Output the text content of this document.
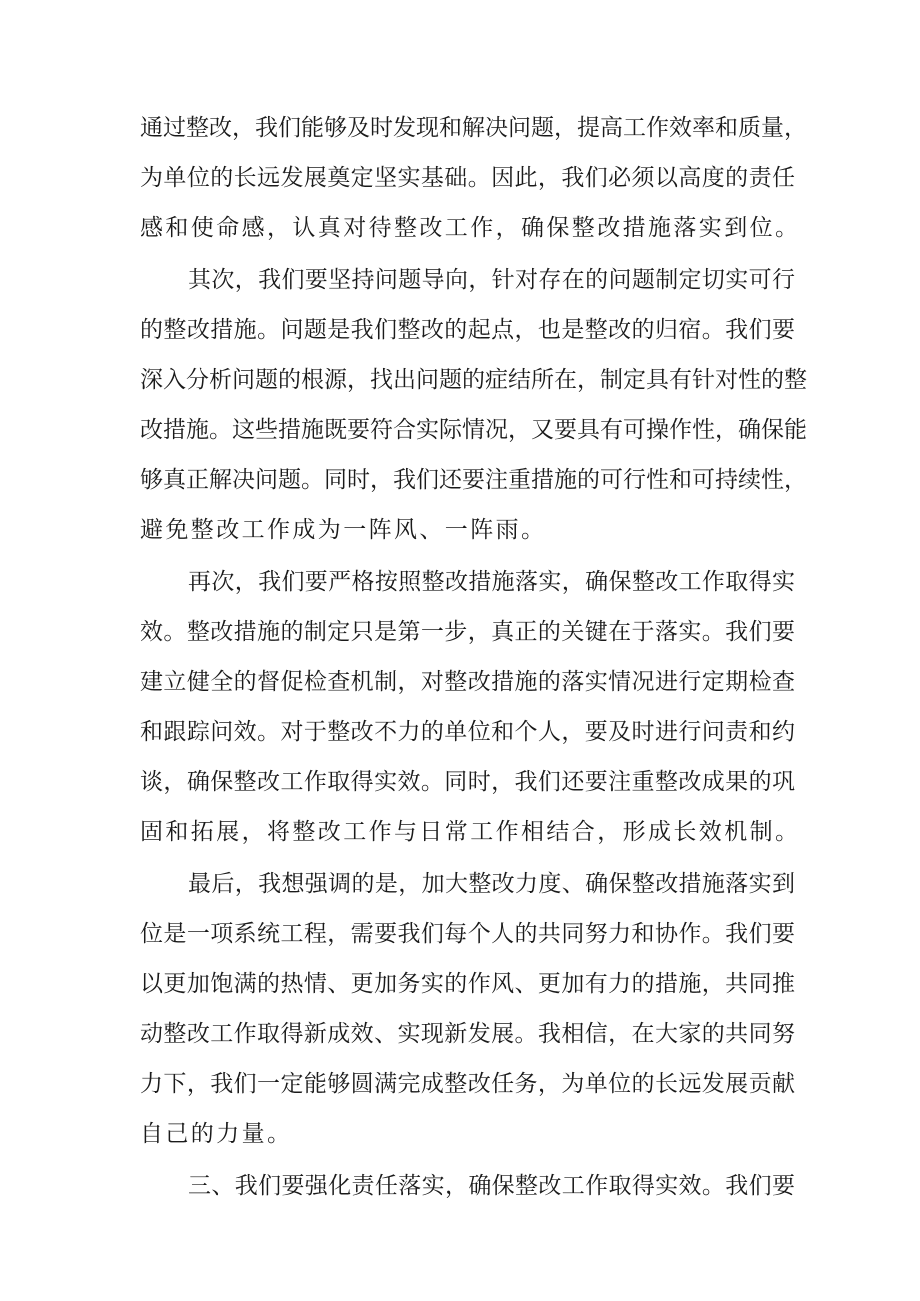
通 过 整 改 ， 我 们 能 够 及 时 发 现 和 解 决 问 题 ， 提 高 工 作 效 率 和 质 量 ，
为 单 位 的 长 远 发 展 奠 定 坚 实 基 础 。 因 此 ， 我 们 必 须 以 高 度 的 责 任
感和使命感，认真对待整改工作，确保整改措施落实到位。
其 次 ， 我 们 要 坚 持 问 题 导 向 ， 针 对 存 在 的 问 题 制 定 切 实 可 行
的 整 改 措 施 。 问 题 是 我 们 整 改 的 起 点 ， 也 是 整 改 的 归 宿 。 我 们 要
深 入 分 析 问 题 的 根 源 ， 找 出 问 题 的 症 结 所 在 ， 制 定 具 有 针 对 性 的 整
改 措 施 。 这 些 措 施 既 要 符 合 实 际 情 况 ， 又 要 具 有 可 操 作 性 ， 确 保 能
够 真 正 解 决 问 题 。 同 时 ， 我 们 还 要 注 重 措 施 的 可 行 性 和 可 持 续 性 ，
避免整改工作成为一阵风、一阵雨。
再 次 ， 我 们 要 严 格 按 照 整 改 措 施 落 实 ， 确 保 整 改 工 作 取 得 实
效 。 整 改 措 施 的 制 定 只 是 第 一 步 ， 真 正 的 关 键 在 于 落 实 。 我 们 要
建 立 健 全 的 督 促 检 查 机 制 ， 对 整 改 措 施 的 落 实 情 况 进 行 定 期 检 查
和 跟 踪 问 效 。 对 于 整 改 不 力 的 单 位 和 个 人 ， 要 及 时 进 行 问 责 和 约
谈 ， 确 保 整 改 工 作 取 得 实 效 。 同 时 ， 我 们 还 要 注 重 整 改 成 果 的 巩
固和拓展，将整改工作与日常工作相结合，形成长效机制。
最 后 ， 我 想 强 调 的 是 ， 加 大 整 改 力 度 、 确 保 整 改 措 施 落 实 到
位 是 一 项 系 统 工 程 ， 需 要 我 们 每 个 人 的 共 同 努 力 和 协 作 。 我 们 要
以 更 加 饱 满 的 热 情 、 更 加 务 实 的 作 风 、 更 加 有 力 的 措 施 ， 共 同 推
动 整 改 工 作 取 得 新 成 效 、 实 现 新 发 展 。 我 相 信 ， 在 大 家 的 共 同 努
力 下 ， 我 们 一 定 能 够 圆 满 完 成 整 改 任 务 ， 为 单 位 的 长 远 发 展 贡 献
自己的力量。
三 、 我 们 要 强 化 责 任 落 实 ， 确 保 整 改 工 作 取 得 实 效 。 我 们 要
